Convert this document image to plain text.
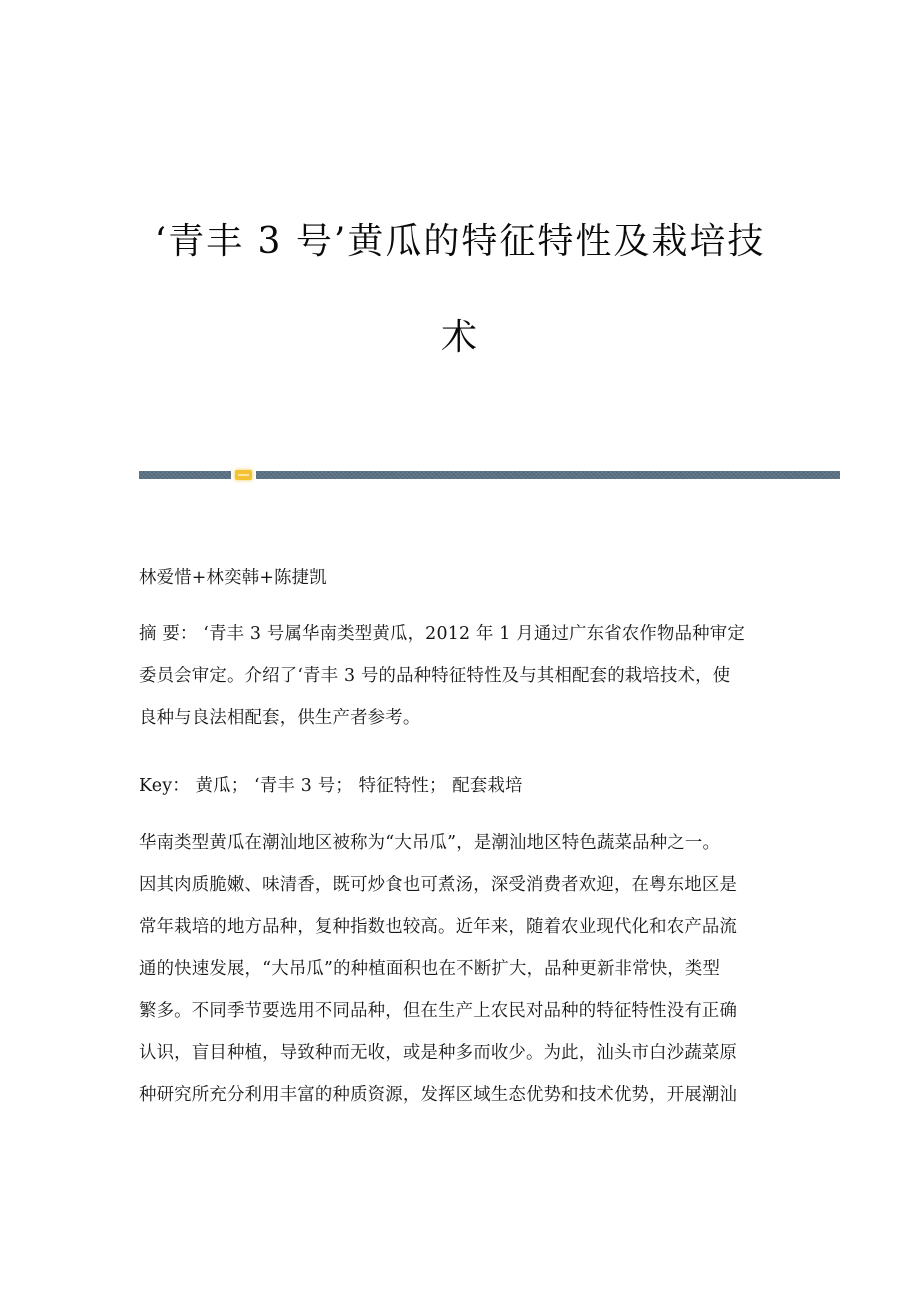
‘青丰 3 号’黄瓜的特征特性及栽培技
术
林爱惜+林奕韩+陈捷凯
摘 要： ‘青丰 3 号属华南类型黄瓜，2012 年 1 月通过广东省农作物品种审定
委员会审定。介绍了‘青丰 3 号的品种特征特性及与其相配套的栽培技术，使
良种与良法相配套，供生产者参考。
Key： 黄瓜； ‘青丰 3 号； 特征特性； 配套栽培
华南类型黄瓜在潮汕地区被称为“大吊瓜”，是潮汕地区特色蔬菜品种之一。
因其肉质脆嫩、味清香，既可炒食也可煮汤，深受消费者欢迎，在粤东地区是
常年栽培的地方品种，复种指数也较高。近年来，随着农业现代化和农产品流
通的快速发展，“大吊瓜”的种植面积也在不断扩大，品种更新非常快，类型
繁多。不同季节要选用不同品种，但在生产上农民对品种的特征特性没有正确
认识，盲目种植，导致种而无收，或是种多而收少。为此，汕头市白沙蔬菜原
种研究所充分利用丰富的种质资源，发挥区域生态优势和技术优势，开展潮汕
